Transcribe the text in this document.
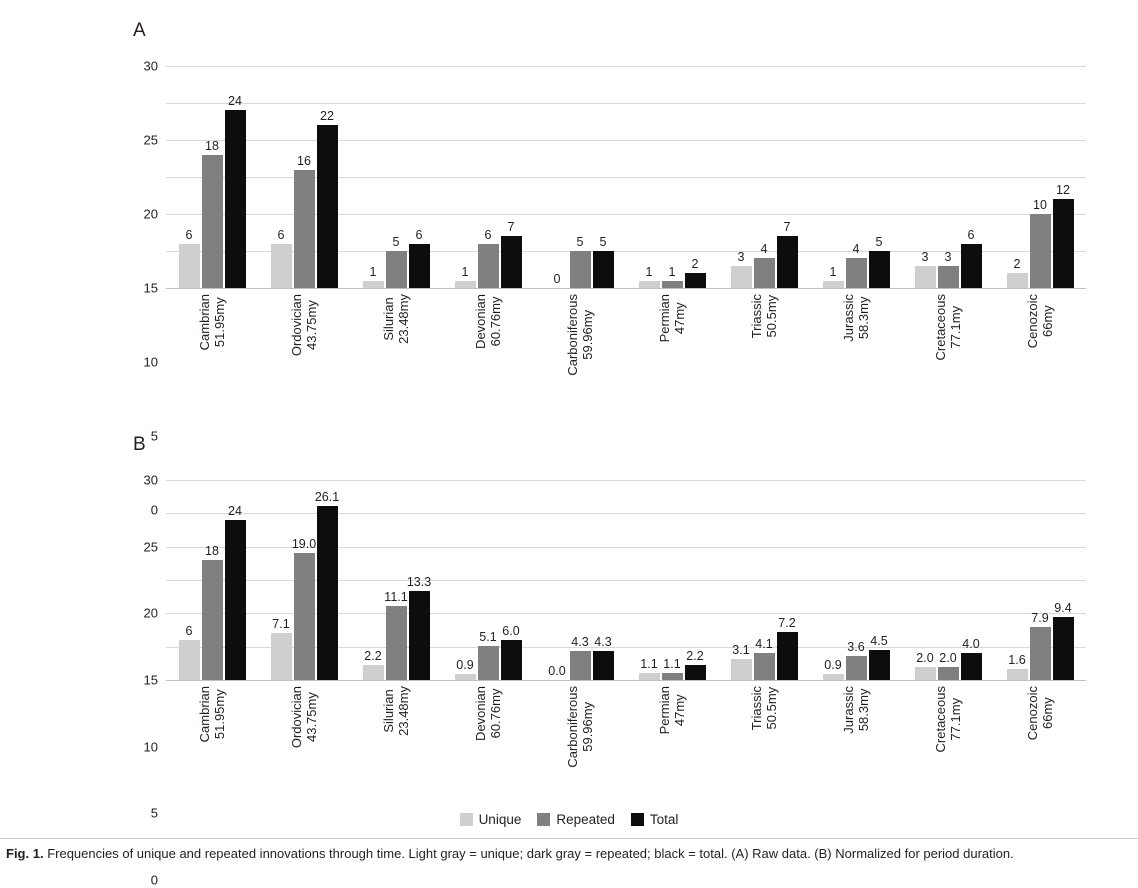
A
0
5
10
15
20
25
30
6
18
24
6
16
22
1
5
6
1
6
7
0
5 5
1 1
2
3
4
7
1
4
5
3 3
6
2
10
12
Cambrian 51.95my	Ordovician 43.75my	Silurian 23.48my	Devonian 60.76my	Carboniferous 59.96my	Permian 47my	Triassic 50.5my	Jurassic 58.3my	Cretaceous 77.1my	Cenozoic 66my
B
0
5
10
15
20
25
30
6
18
24
7.1
19.0
26.1
2.2
11.1
13.3
0.9
5.1 6.0
0.0
4.3 4.3
1.1 1.1
2.2 3.1 4.1
7.2
0.9
3.6 4.5
2.0 2.0
4.0
1.6
7.9
9.4
Cambrian 51.95my	Ordovician 43.75my	Silurian 23.48my	Devonian 60.76my	Carboniferous 59.96my	Permian 47my	Triassic 50.5my	Jurassic 58.3my	Cretaceous 77.1my	Cenozoic 66my
Unique	Repeated	Total
Fig. 1. Frequencies of unique and repeated innovations through time. Light gray = unique; dark gray = repeated; black = total. (A) Raw data. (B) Normalized for period duration.
